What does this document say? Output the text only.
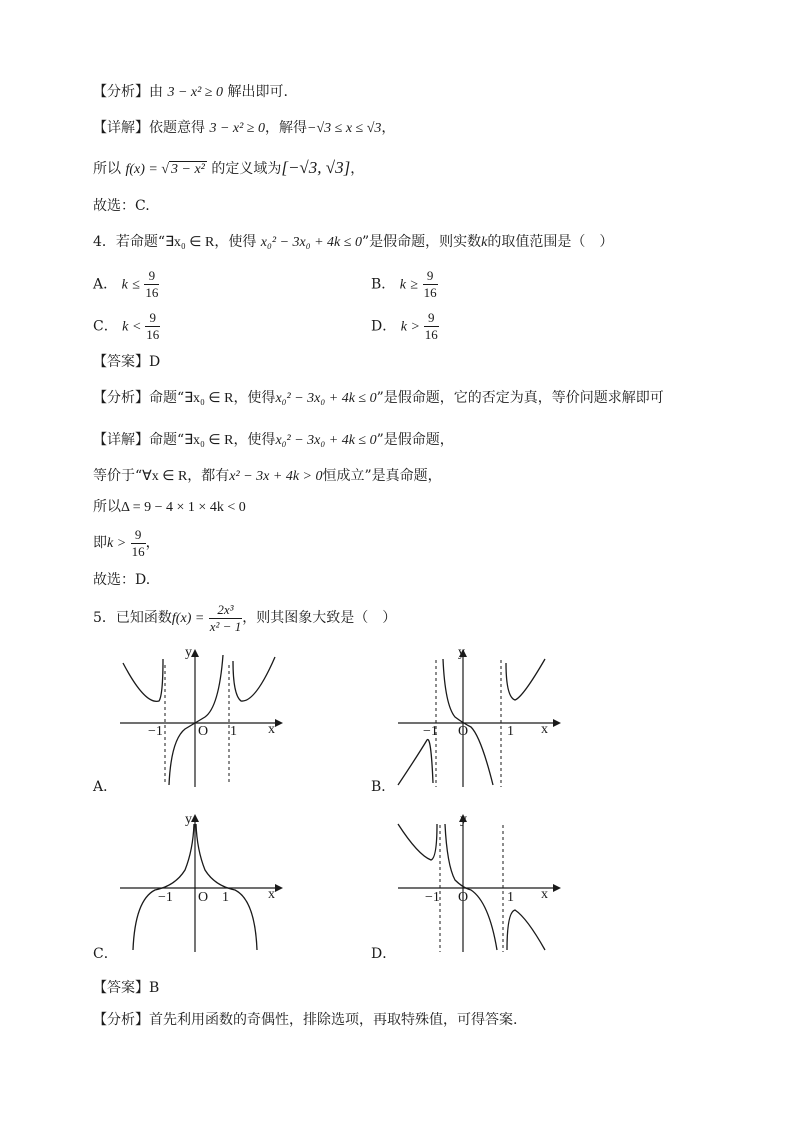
【分析】由 3 − x² ≥ 0 解出即可.
【详解】依题意得 3 − x² ≥ 0，解得−√3 ≤ x ≤ √3，
所以 f(x) = √ 3 − x² 的定义域为[−√3, √3]，
故选：C.
4．若命题“∃x₀ ∈ R，使得 x₀² − 3x₀ + 4k ≤ 0”是假命题，则实数k的取值范围是（　）
A． $k \le \frac{9}{16}$	B． $k \ge \frac{9}{16}$
C． $k < \frac{9}{16}$	D． $k > \frac{9}{16}$
【答案】D
【分析】命题“∃x₀ ∈ R，使得x₀² − 3x₀ + 4k ≤ 0”是假命题，它的否定为真，等价问题求解即可
【详解】命题“∃x₀ ∈ R，使得x₀² − 3x₀ + 4k ≤ 0”是假命题，
等价于“∀x ∈ R，都有x² − 3x + 4k > 0恒成立”是真命题，
所以Δ = 9 − 4 × 1 × 4k < 0
即$k > \frac{9}{16}$ ，
故选：D.
5．已知函数$f(x) = \frac{\text{2x³}}{\text{x² − 1}}$ ，则其图象大致是（　）
y
x
O
−1	1
A．
y
x
O
−1	1
B．
y
x
O
−1	1
C．
y
x
O
−1	1
D．
【答案】B
【分析】首先利用函数的奇偶性，排除选项，再取特殊值，可得答案.
